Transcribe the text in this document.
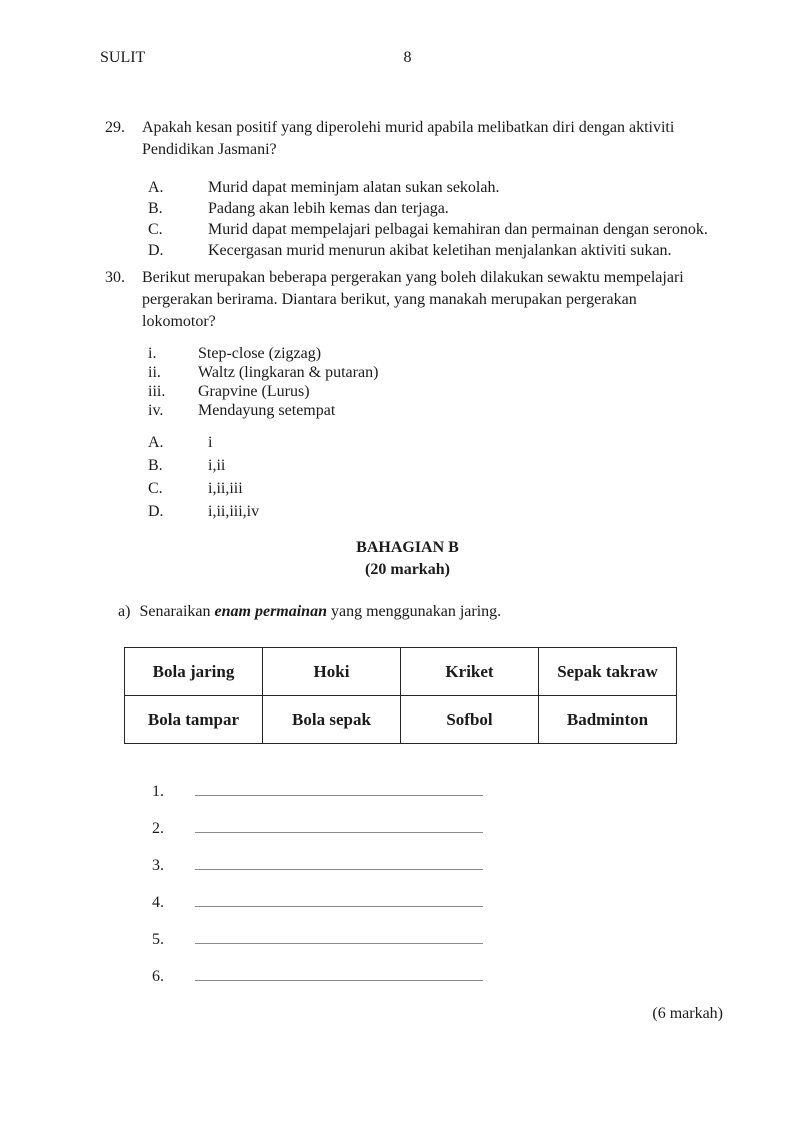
SULIT	8
29.	Apakah kesan positif yang diperolehi murid apabila melibatkan diri dengan aktiviti
Pendidikan Jasmani?
A.	Murid dapat meminjam alatan sukan sekolah.
B.	Padang akan lebih kemas dan terjaga.
C.	Murid dapat mempelajari pelbagai kemahiran dan permainan dengan seronok.
D.	Kecergasan murid menurun akibat keletihan menjalankan aktiviti sukan.
30.	Berikut merupakan beberapa pergerakan yang boleh dilakukan sewaktu mempelajari
pergerakan berirama. Diantara berikut, yang manakah merupakan pergerakan
lokomotor?
i.	Step-close (zigzag)
ii.	Waltz (lingkaran & putaran)
iii.	Grapvine (Lurus)
iv.	Mendayung setempat
A.	i
B.	i,ii
C.	i,ii,iii
D.	i,ii,iii,iv
BAHAGIAN B
(20 markah)
a) Senaraikan enam permainan yang menggunakan jaring.
Bola jaring	Hoki	Kriket	Sepak takraw
Bola tampar	Bola sepak	Sofbol	Badminton
1.
2.
3.
4.
5.
6.
(6 markah)
